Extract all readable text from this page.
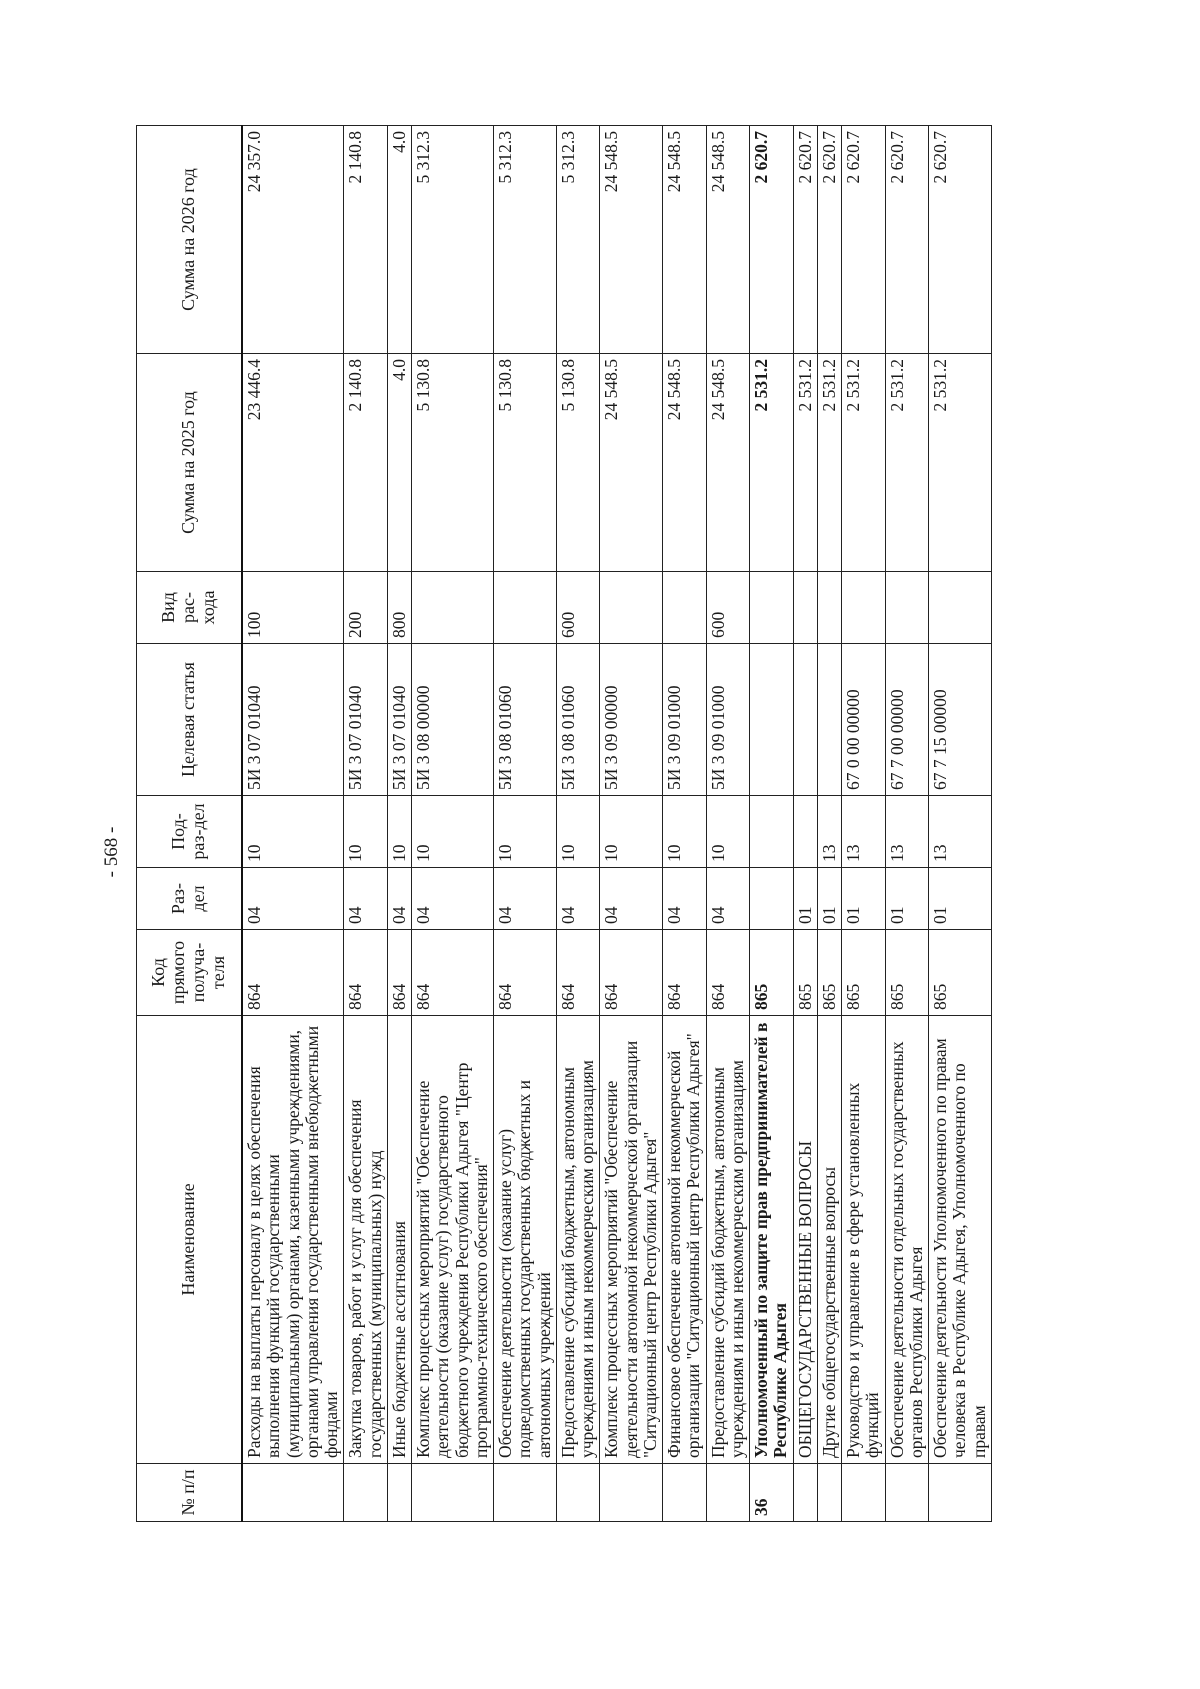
- 568 -
№ п/п	Наименование	Код прямого получа-теля	Раз-дел	Под-раз-дел	Целевая статья	Вид рас-хода	Сумма на 2025 год	Сумма на 2026 год
	Расходы на выплаты персоналу в целях обеспечения выполнения функций государственными (муниципальными) органами, казенными учреждениями, органами управления государственными внебюджетными фондами	864	04	10	5И 3 07 01040	100	23 446.4	24 357.0
	Закупка товаров, работ и услуг для обеспечения государственных (муниципальных) нужд	864	04	10	5И 3 07 01040	200	2 140.8	2 140.8
	Иные бюджетные ассигнования	864	04	10	5И 3 07 01040	800	4.0	4.0
	Комплекс процессных мероприятий "Обеспечение деятельности (оказание услуг) государственного бюджетного учреждения Республики Адыгея "Центр программно-технического обеспечения"	864	04	10	5И 3 08 00000		5 130.8	5 312.3
	Обеспечение деятельности (оказание услуг) подведомственных государственных бюджетных и автономных учреждений	864	04	10	5И 3 08 01060		5 130.8	5 312.3
	Предоставление субсидий бюджетным, автономным учреждениям и иным некоммерческим организациям	864	04	10	5И 3 08 01060	600	5 130.8	5 312.3
	Комплекс процессных мероприятий "Обеспечение деятельности автономной некоммерческой организации "Ситуационный центр Республики Адыгея"	864	04	10	5И 3 09 00000		24 548.5	24 548.5
	Финансовое обеспечение автономной некоммерческой организации "Ситуационный центр Республики Адыгея"	864	04	10	5И 3 09 01000		24 548.5	24 548.5
	Предоставление субсидий бюджетным, автономным учреждениям и иным некоммерческим организациям	864	04	10	5И 3 09 01000	600	24 548.5	24 548.5
36	Уполномоченный по защите прав предпринимателей в Республике Адыгея	865					2 531.2	2 620.7
	ОБЩЕГОСУДАРСТВЕННЫЕ ВОПРОСЫ	865	01				2 531.2	2 620.7
	Другие общегосударственные вопросы	865	01	13			2 531.2	2 620.7
	Руководство и управление в сфере установленных функций	865	01	13	67 0 00 00000		2 531.2	2 620.7
	Обеспечение деятельности отдельных государственных органов Республики Адыгея	865	01	13	67 7 00 00000		2 531.2	2 620.7
	Обеспечение деятельности Уполномоченного по правам человека в Республике Адыгея, Уполномоченного по правам	865	01	13	67 7 15 00000		2 531.2	2 620.7
